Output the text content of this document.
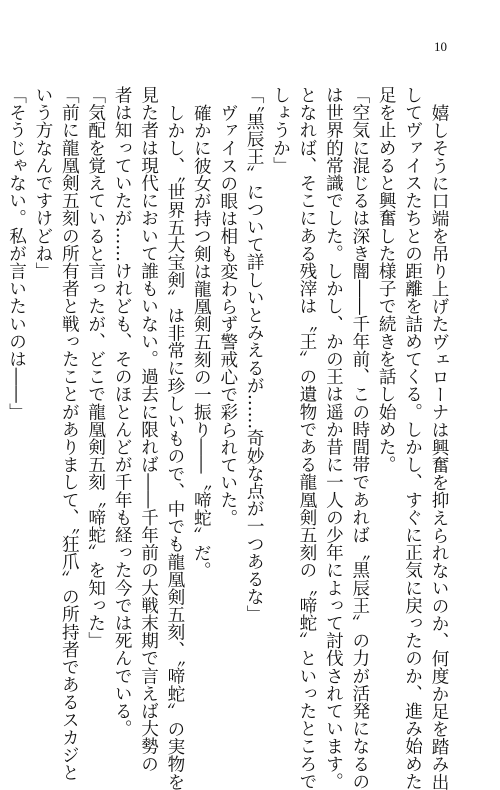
10

嬉しそうに口端を吊り上げたヴェローナは興奮を抑えられないのか、何度か足を踏み出

してヴァイスたちとの距離を詰めてくる。しかし、すぐに正気に戻ったのか、進み始めた

足を止めると興奮した様子で続きを話し始めた。

「空気に混じるは深き闇――千年前、この時間帯であれば〝黒辰王〟の力が活発になるの

は世界的常識でした。しかし、かの王は遥か昔に一人の少年によって討伐されています。

となれば、そこにある残滓は〝王〟の遺物である龍凰剣五刻の〝啼蛇〟といったところで

しょうか」

「〝黒辰王〟について詳しいとみえるが……奇妙な点が一つあるな」

ヴァイスの眼は相も変わらず警戒心で彩られていた。

確かに彼女が持つ剣は龍凰剣五刻の一振り――〝啼蛇〟だ。

しかし、〝世界五大宝剣〟は非常に珍しいもので、中でも龍凰剣五刻、〝啼蛇〟の実物を

見た者は現代において誰もいない。過去に限れば――千年前の大戦末期で言えば大勢の

者は知っていたが……けれども、そのほとんどが千年も経った今では死んでいる。

「気配を覚えていると言ったが、どこで龍凰剣五刻〝啼蛇〟を知った」

「前に龍凰剣五刻の所有者と戦ったことがありまして、〝狂爪〟の所持者であるスカジと

いう方なんですけどね」

「そうじゃない。私が言いたいのは――」
